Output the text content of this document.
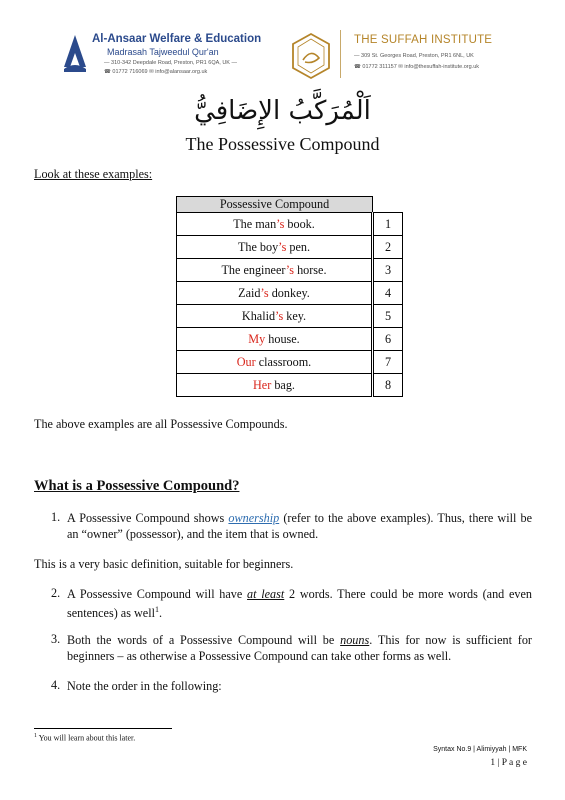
Al-Ansaar Welfare & Education
Madrasah Tajweedul Qur'an
— 310-342 Deepdale Road, Preston, PR1 6QA, UK —
☎ 01772 716069 ✉ info@alansaar.org.uk
THE SUFFAH INSTITUTE
— 309 St. Georges Road, Preston, PR1 6NL, UK
☎ 01772 311157 ✉ info@thesuffah-institute.org.uk
اَلْمُرَكَّبُ الإِضَافِيُّ
The Possessive Compound
Look at these examples:
Possessive Compound	
The man’s book.	1
The boy’s pen.	2
The engineer’s horse.	3
Zaid’s donkey.	4
Khalid’s key.	5
My house.	6
Our classroom.	7
Her bag.	8
The above examples are all Possessive Compounds.
What is a Possessive Compound?
1. A Possessive Compound shows ownership (refer to the above examples). Thus, there will be an “owner” (possessor), and the item that is owned.
This is a very basic definition, suitable for beginners.
2. A Possessive Compound will have at least 2 words. There could be more words (and even sentences) as well$^1$.
3. Both the words of a Possessive Compound will be nouns. This for now is sufficient for beginners – as otherwise a Possessive Compound can take other forms as well.
4. Note the order in the following:
$^1$ You will learn about this later.
Syntax No.9 | Alimiyyah | MFK
1 | P a g e
